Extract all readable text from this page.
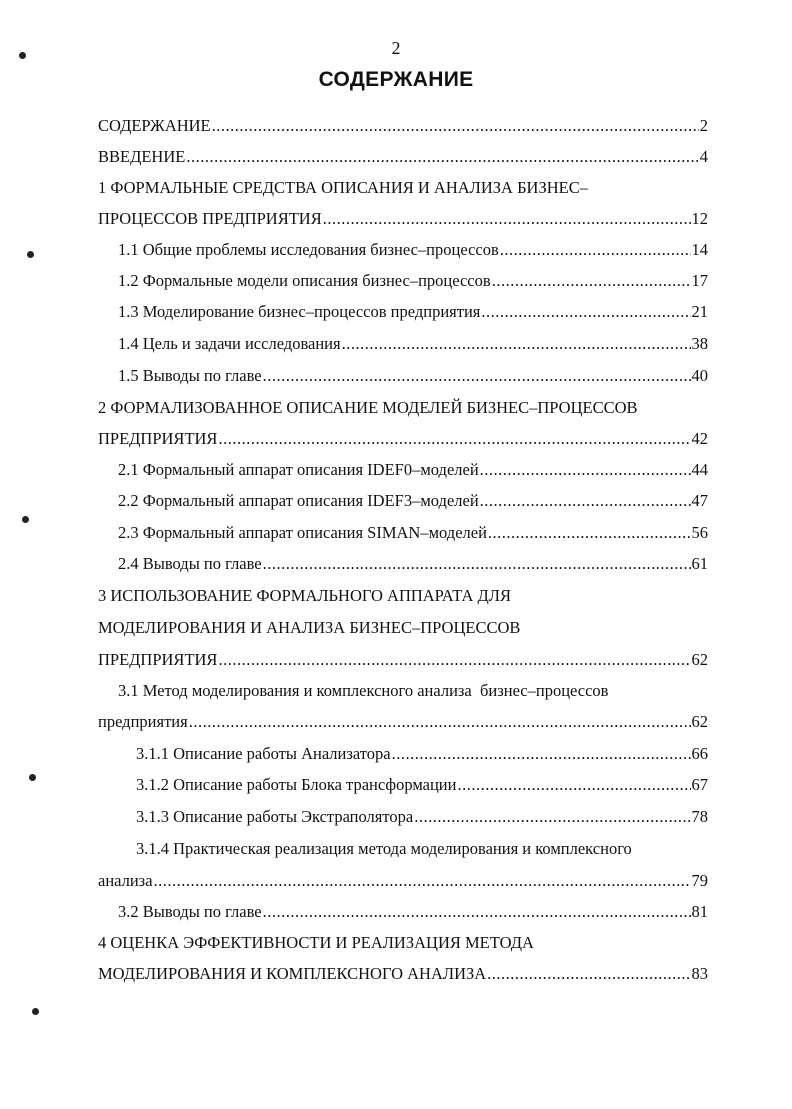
2
СОДЕРЖАНИЕ
СОДЕРЖАНИЕ .....	2
ВВЕДЕНИЕ .....	4
1 ФОРМАЛЬНЫЕ СРЕДСТВА ОПИСАНИЯ И АНАЛИЗА БИЗНЕС–
ПРОЦЕССОВ ПРЕДПРИЯТИЯ .....	12
1.1 Общие проблемы исследования бизнес–процессов .....	14
1.2 Формальные модели описания бизнес–процессов .....	17
1.3 Моделирование бизнес–процессов предприятия .....	21
1.4 Цель и задачи исследования .....	38
1.5 Выводы по главе .....	40
2 ФОРМАЛИЗОВАННОЕ ОПИСАНИЕ МОДЕЛЕЙ БИЗНЕС–ПРОЦЕССОВ
ПРЕДПРИЯТИЯ .....	42
2.1 Формальный аппарат описания IDEF0–моделей .....	44
2.2 Формальный аппарат описания IDEF3–моделей .....	47
2.3 Формальный аппарат описания SIMAN–моделей .....	56
2.4 Выводы по главе .....	61
3 ИСПОЛЬЗОВАНИЕ ФОРМАЛЬНОГО АППАРАТА ДЛЯ
МОДЕЛИРОВАНИЯ И АНАЛИЗА БИЗНЕС–ПРОЦЕССОВ
ПРЕДПРИЯТИЯ .....	62
3.1 Метод моделирования и комплексного анализа  бизнес–процессов
предприятия .....	62
3.1.1 Описание работы Анализатора .....	66
3.1.2 Описание работы Блока трансформации .....	67
3.1.3 Описание работы Экстраполятора .....	78
3.1.4 Практическая реализация метода моделирования и комплексного
анализа .....	79
3.2 Выводы по главе .....	81
4 ОЦЕНКА ЭФФЕКТИВНОСТИ И РЕАЛИЗАЦИЯ МЕТОДА
МОДЕЛИРОВАНИЯ И КОМПЛЕКСНОГО АНАЛИЗА .....	83
